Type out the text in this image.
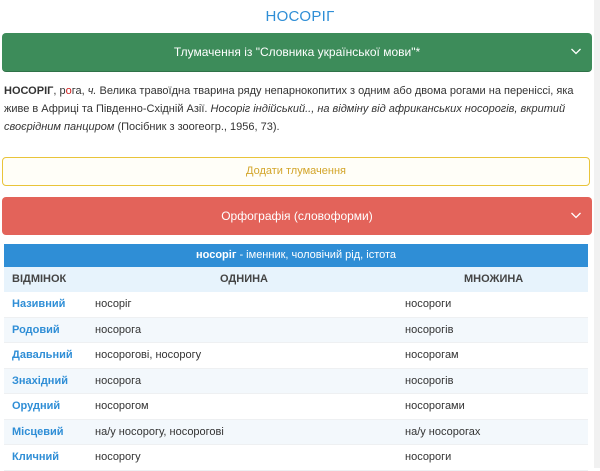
НОСОРІГ
Тлумачення із "Словника української мови"*
НОСОРІГ, рога, ч. Велика травоїдна тварина ряду непарнокопитих з одним або двома рогами на переніссі, яка живе в Африці та Південно-Східній Азії. Носоріг індійський.., на відміну від африканських носорогів, вкритий своєрідним панциром (Посібник з зоогеогр., 1956, 73).
Додати тлумачення
Орфографія (словоформи)
носоріг - іменник, чоловічий рід, істота
ВІДМІНОК	ОДНИНА	МНОЖИНА
Називний	носоріг	носороги
Родовий	носорога	носорогів
Давальний носорогові, носорогу	носорогам
Знахідний носорога	носорогів
Орудний	носорогом	носорогами
Місцевий	на/у носорогу, носорогові	на/у носорогах
Кличний	носорогу	носороги
